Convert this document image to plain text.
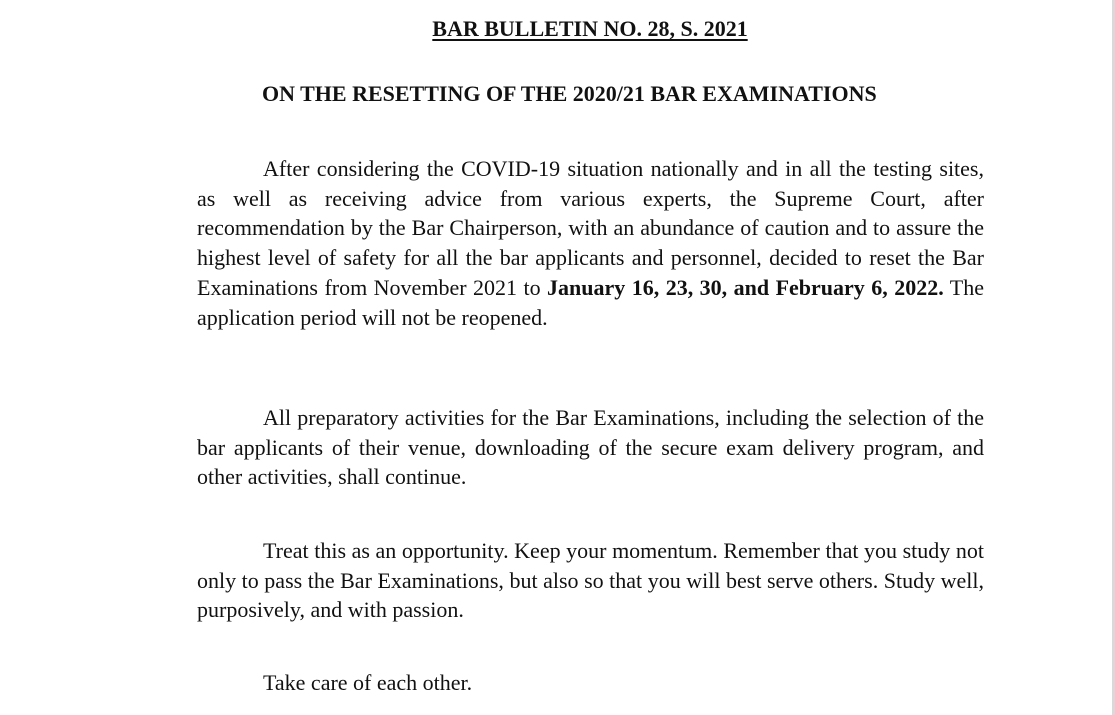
BAR BULLETIN NO. 28, S. 2021
ON THE RESETTING OF THE 2020/21 BAR EXAMINATIONS

After considering the COVID-19 situation nationally and in all the testing sites, as well as receiving advice from various experts, the Supreme Court, after recommendation by the Bar Chairperson, with an abundance of caution and to assure the highest level of safety for all the bar applicants and personnel, decided to reset the Bar Examinations from November 2021 to January 16, 23, 30, and February 6, 2022. The application period will not be reopened.

All preparatory activities for the Bar Examinations, including the selection of the bar applicants of their venue, downloading of the secure exam delivery program, and other activities, shall continue.

Treat this as an opportunity. Keep your momentum. Remember that you study not only to pass the Bar Examinations, but also so that you will best serve others. Study well, purposively, and with passion.

Take care of each other.
